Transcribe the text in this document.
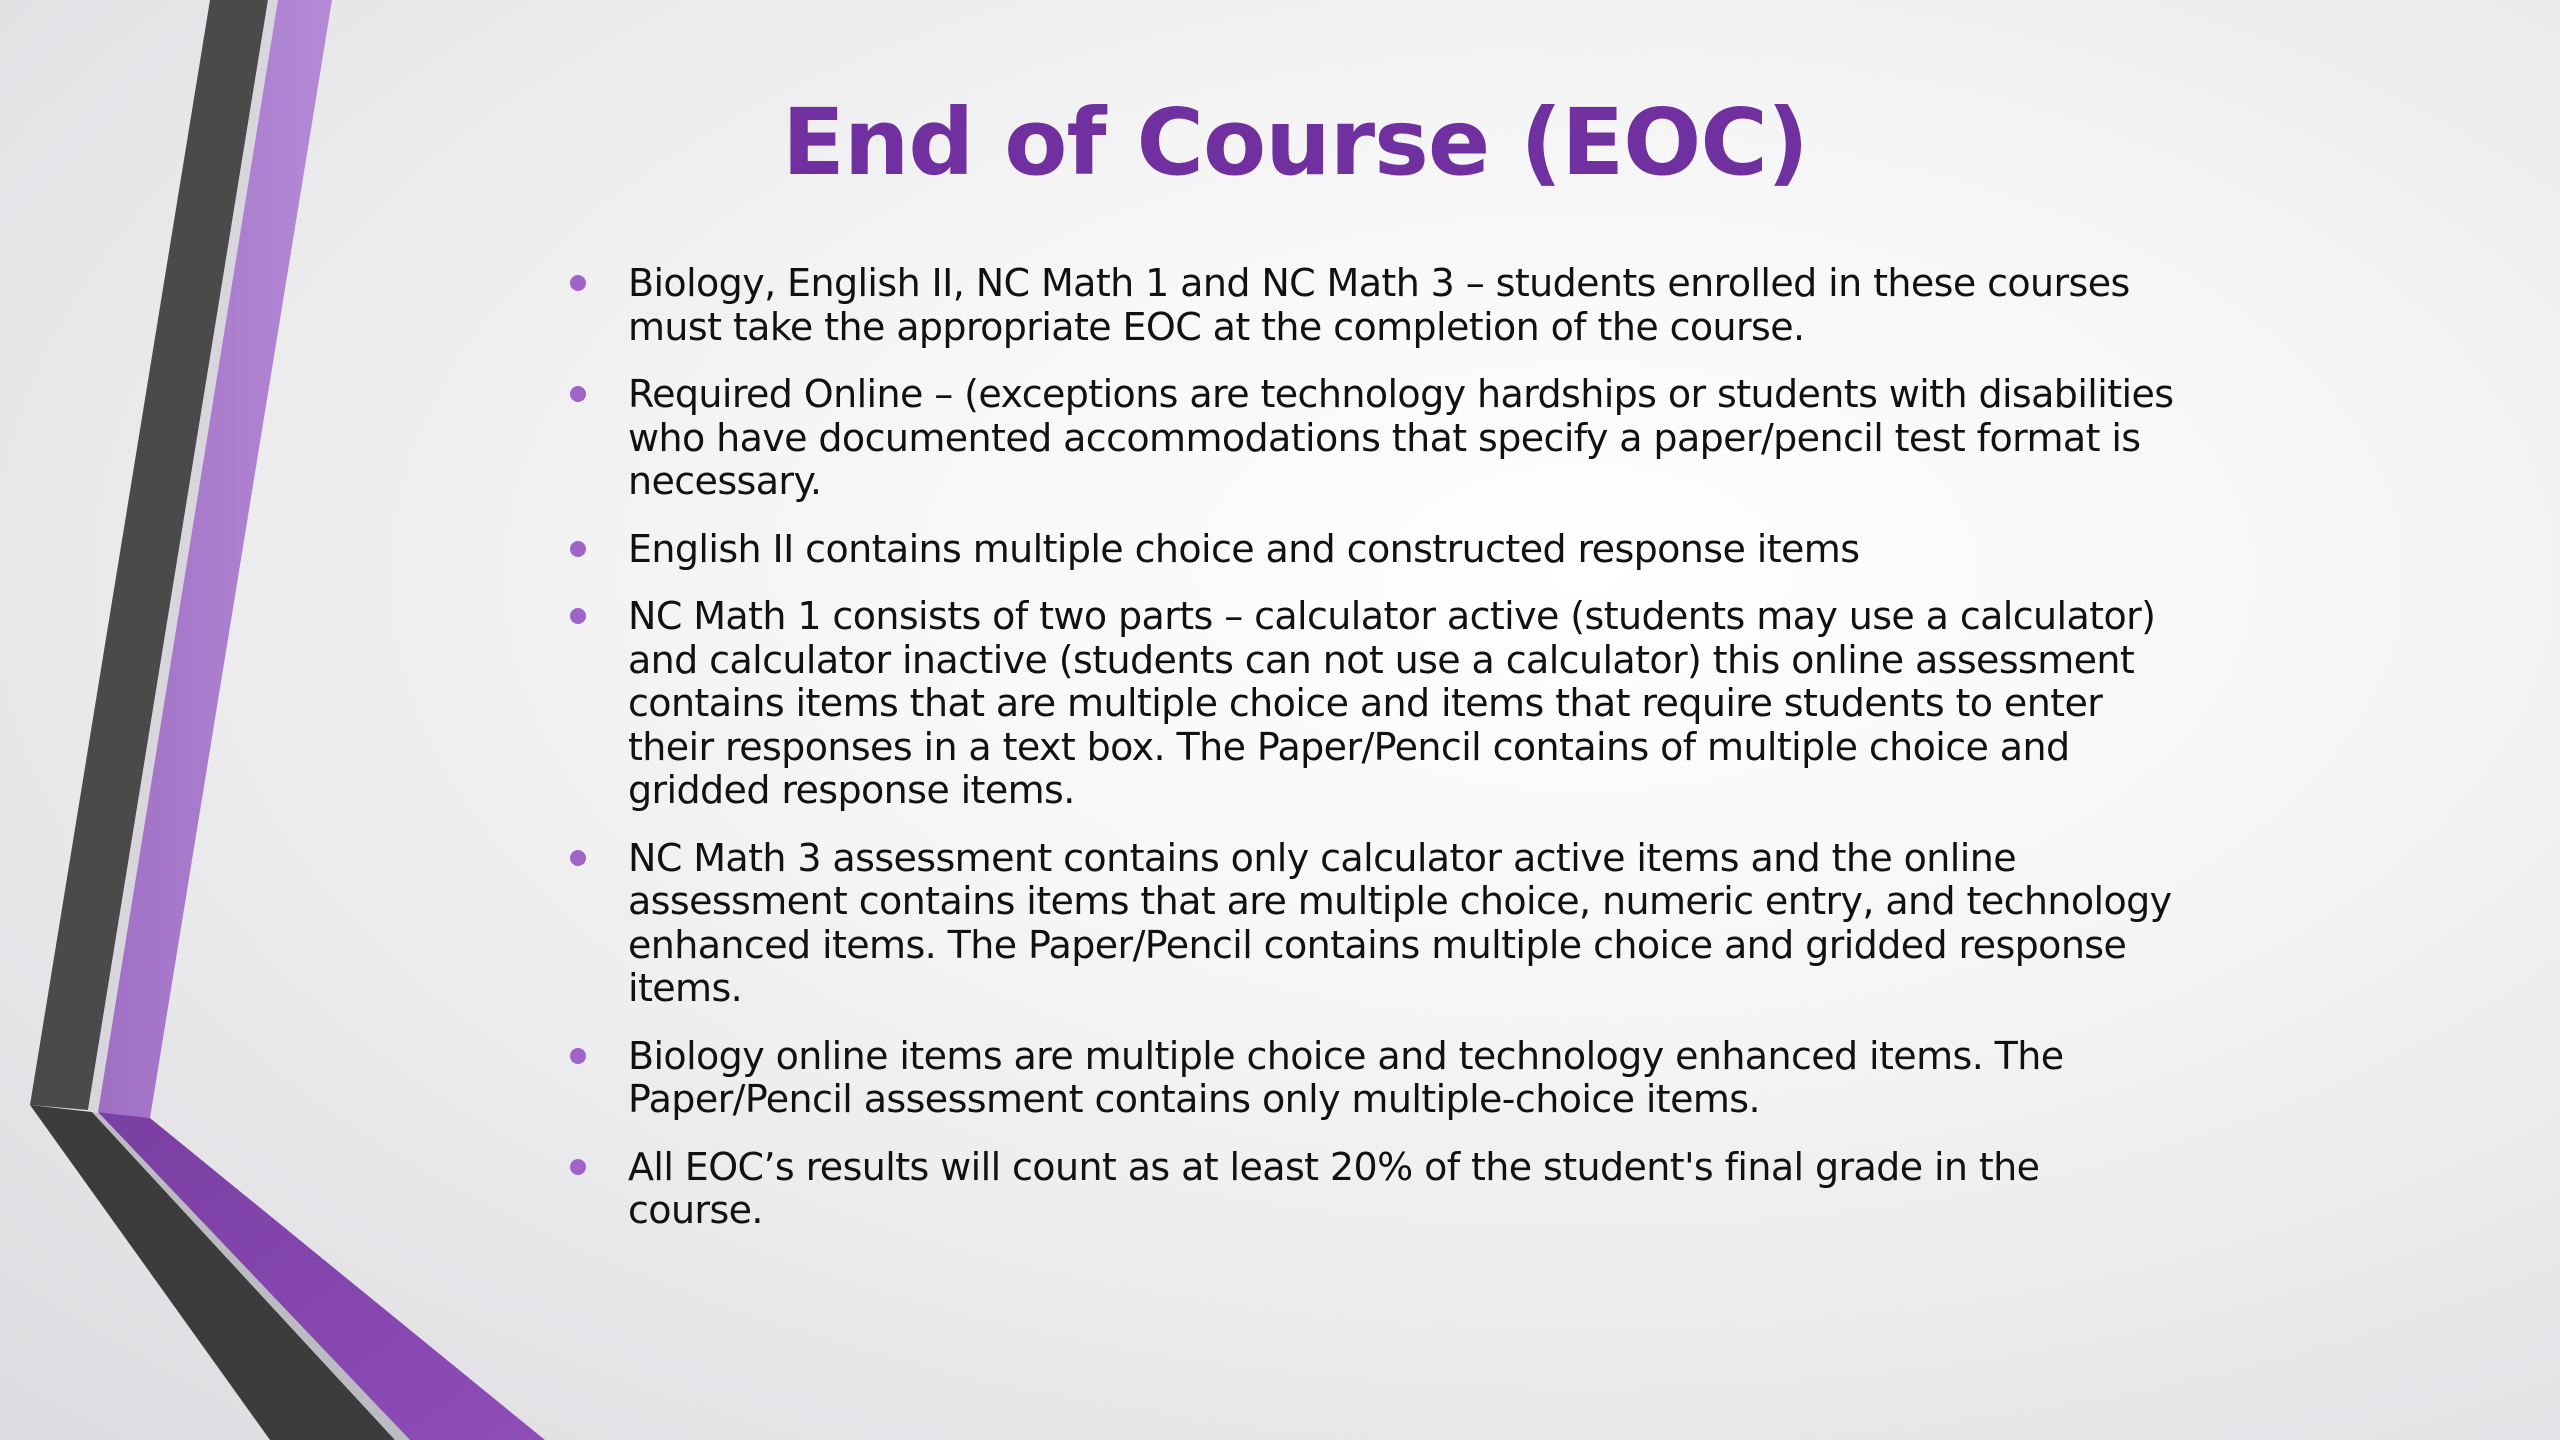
End of Course (EOC)
Biology, English II, NC Math 1 and NC Math 3 – students enrolled in these courses must take the appropriate EOC at the completion of the course.
Required Online – (exceptions are technology hardships or students with disabilities who have documented accommodations that specify a paper/pencil test format is necessary.
English II contains multiple choice and constructed response items
NC Math 1 consists of two parts – calculator active (students may use a calculator) and calculator inactive (students can not use a calculator) this online assessment contains items that are multiple choice and items that require students to enter their responses in a text box. The Paper/Pencil contains of multiple choice and gridded response items.
NC Math 3 assessment contains only calculator active items and the online assessment contains items that are multiple choice, numeric entry, and technology enhanced items. The Paper/Pencil contains multiple choice and gridded response items.
Biology online items are multiple choice and technology enhanced items. The Paper/Pencil assessment contains only multiple-choice items.
All EOC’s results will count as at least 20% of the student's final grade in the course.
